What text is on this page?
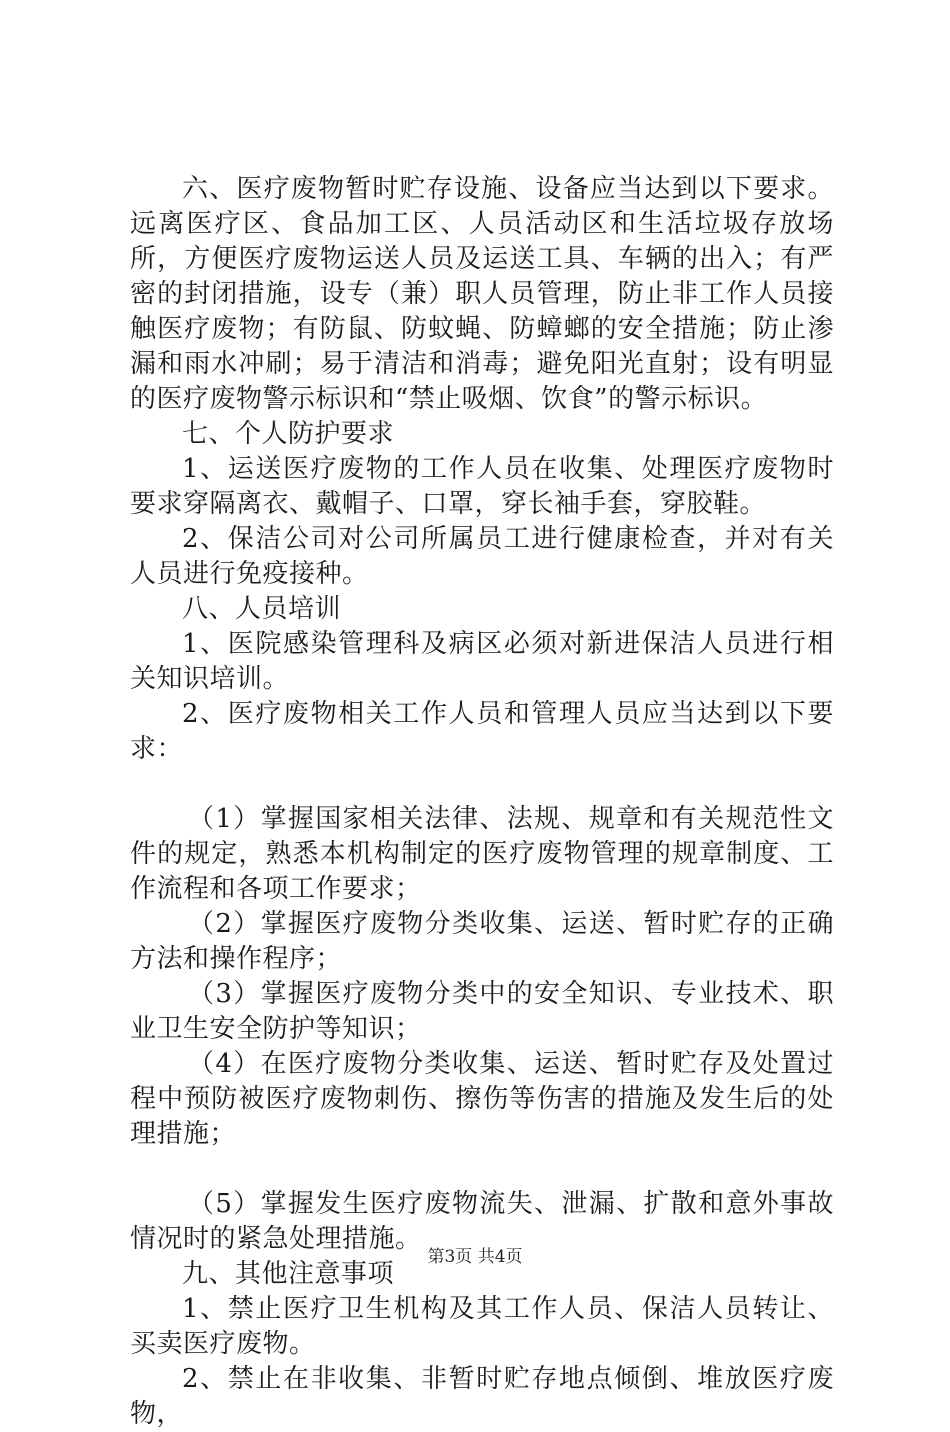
六、医疗废物暂时贮存设施、设备应当达到以下要求。远离医疗区、食品加工区、人员活动区和生活垃圾存放场所，方便医疗废物运送人员及运送工具、车辆的出入；有严密的封闭措施，设专（兼）职人员管理，防止非工作人员接触医疗废物；有防鼠、防蚊蝇、防蟑螂的安全措施；防止渗漏和雨水冲刷；易于清洁和消毒；避免阳光直射；设有明显的医疗废物警示标识和“禁止吸烟、饮食”的警示标识。

七、个人防护要求

1、运送医疗废物的工作人员在收集、处理医疗废物时要求穿隔离衣、戴帽子、口罩，穿长袖手套，穿胶鞋。

2、保洁公司对公司所属员工进行健康检查，并对有关人员进行免疫接种。

八、人员培训

1、医院感染管理科及病区必须对新进保洁人员进行相关知识培训。

2、医疗废物相关工作人员和管理人员应当达到以下要求：

（1）掌握国家相关法律、法规、规章和有关规范性文件的规定，熟悉本机构制定的医疗废物管理的规章制度、工作流程和各项工作要求；

（2）掌握医疗废物分类收集、运送、暂时贮存的正确方法和操作程序；

（3）掌握医疗废物分类中的安全知识、专业技术、职业卫生安全防护等知识；

（4）在医疗废物分类收集、运送、暂时贮存及处置过程中预防被医疗废物刺伤、擦伤等伤害的措施及发生后的处理措施；

（5）掌握发生医疗废物流失、泄漏、扩散和意外事故情况时的紧急处理措施。

九、其他注意事项

1、禁止医疗卫生机构及其工作人员、保洁人员转让、买卖医疗废物。

2、禁止在非收集、非暂时贮存地点倾倒、堆放医疗废物，

第3页 共4页
